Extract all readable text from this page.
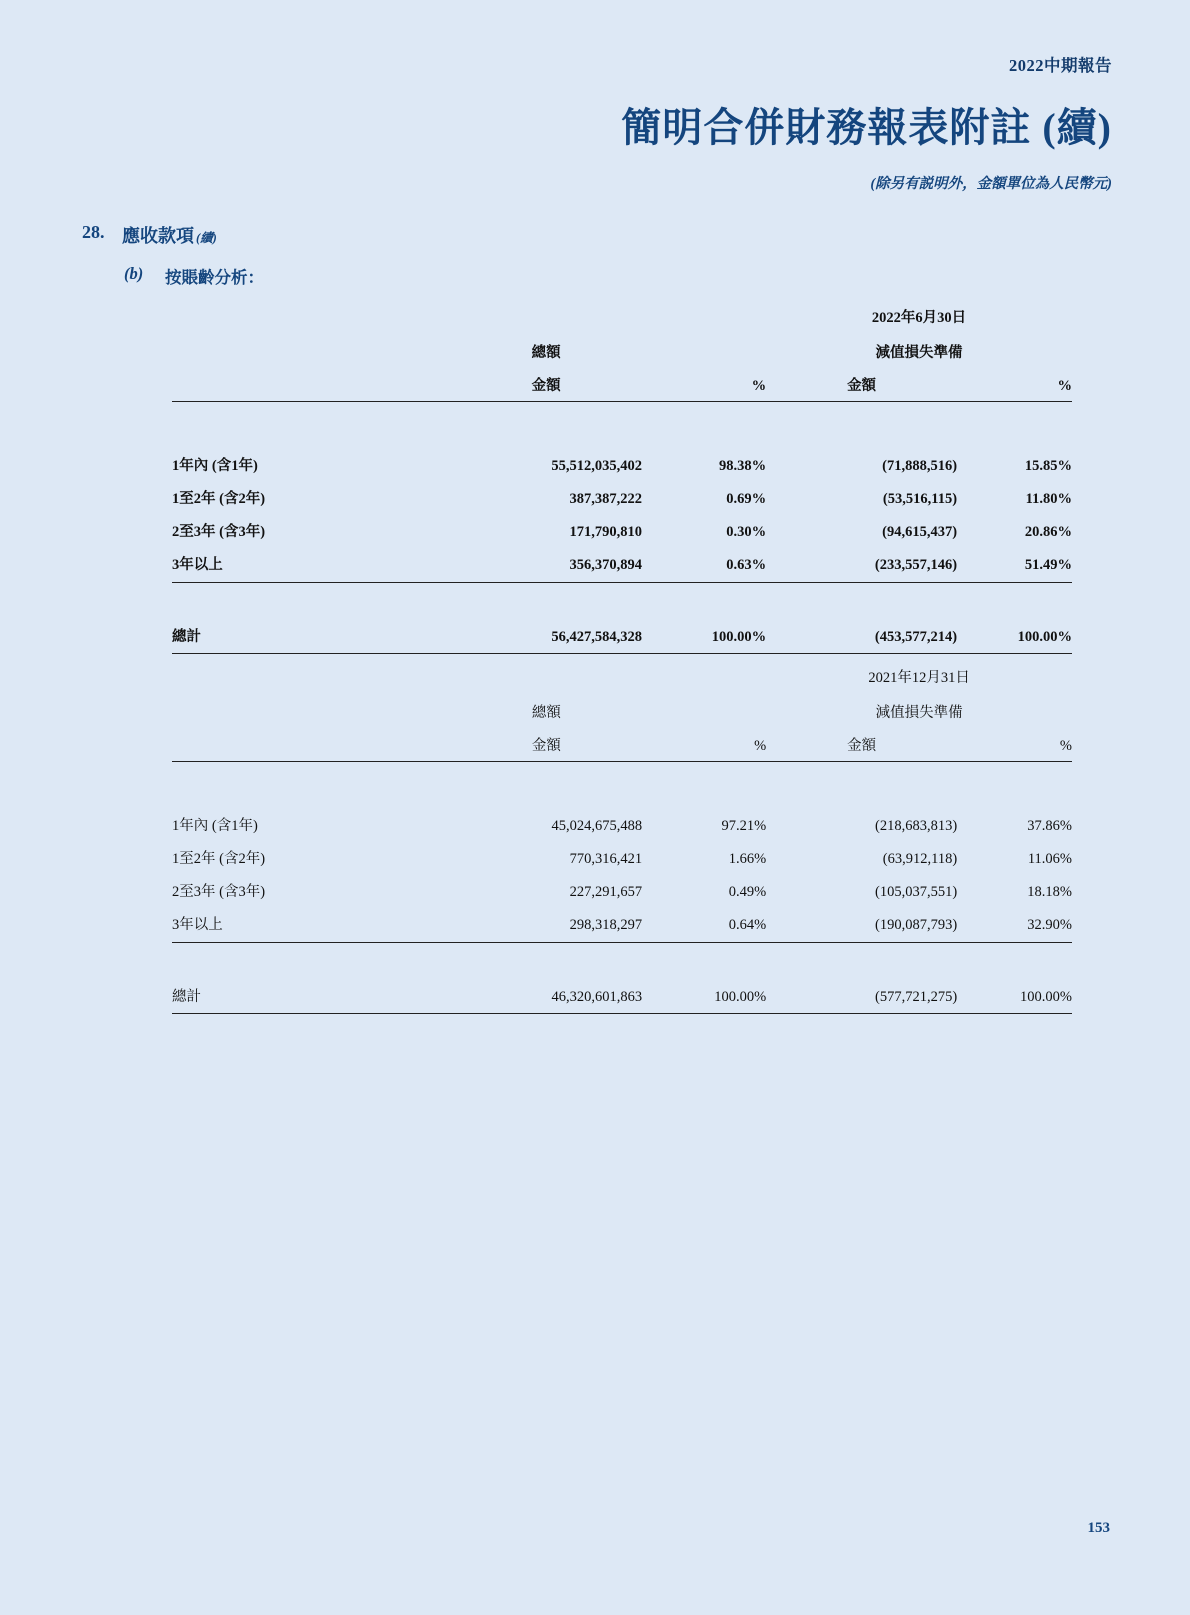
2022中期報告
簡明合併財務報表附註 (續)
(除另有説明外，金額單位為人民幣元)
28. 應收款項 (續)
(b) 按賬齡分析：
			2022年6月30日	
	總額		減值損失準備	
	金額	%	金額	%

1年內 (含1年)	55,512,035,402	98.38%	(71,888,516)	15.85%
1至2年 (含2年)	387,387,222	0.69%	(53,516,115)	11.80%
2至3年 (含3年)	171,790,810	0.30%	(94,615,437)	20.86%
3年以上	356,370,894	0.63%	(233,557,146)	51.49%

總計	56,427,584,328	100.00%	(453,577,214)	100.00%
			2021年12月31日	
	總額		減值損失準備	
	金額	%	金額	%

1年內 (含1年)	45,024,675,488	97.21%	(218,683,813)	37.86%
1至2年 (含2年)	770,316,421	1.66%	(63,912,118)	11.06%
2至3年 (含3年)	227,291,657	0.49%	(105,037,551)	18.18%
3年以上	298,318,297	0.64%	(190,087,793)	32.90%

總計	46,320,601,863	100.00%	(577,721,275)	100.00%
153
